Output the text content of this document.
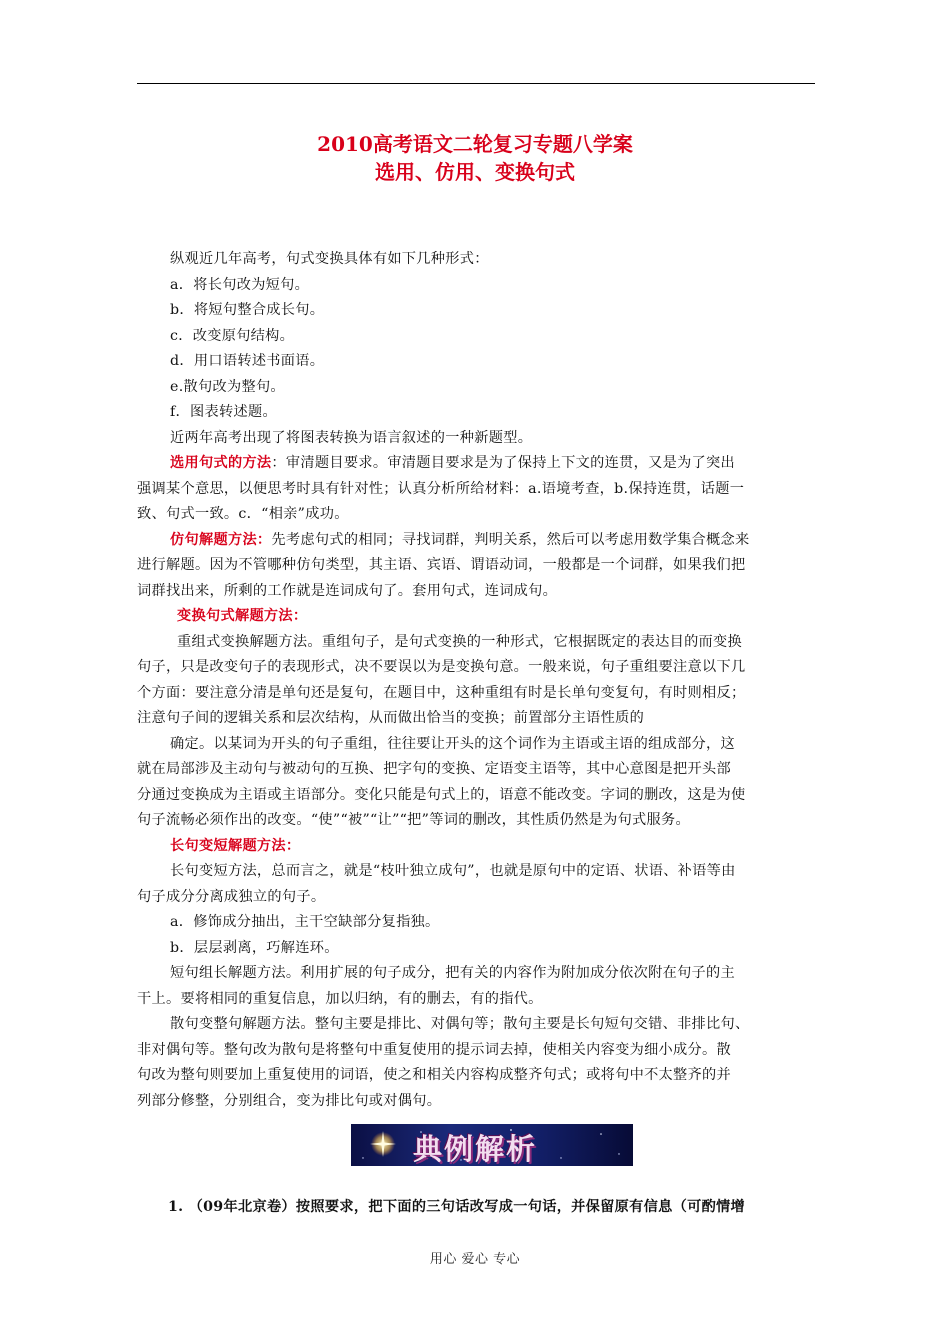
2010高考语文二轮复习专题八学案
选用、仿用、变换句式

纵观近几年高考，句式变换具体有如下几种形式：

a．将长句改为短句。

b．将短句整合成长句。

c．改变原句结构。

d．用口语转述书面语。

e.散句改为整句。

f．图表转述题。

近两年高考出现了将图表转换为语言叙述的一种新题型。

选用句式的方法：审清题目要求。审清题目要求是为了保持上下文的连贯，又是为了突出

强调某个意思，以便思考时具有针对性；认真分析所给材料：a.语境考查，b.保持连贯，话题一

致、句式一致。c．“相亲”成功。

仿句解题方法：先考虑句式的相同；寻找词群，判明关系，然后可以考虑用数学集合概念来

进行解题。因为不管哪种仿句类型，其主语、宾语、谓语动词，一般都是一个词群，如果我们把

词群找出来，所剩的工作就是连词成句了。套用句式，连词成句。

变换句式解题方法：

重组式变换解题方法。重组句子，是句式变换的一种形式，它根据既定的表达目的而变换

句子，只是改变句子的表现形式，决不要误以为是变换句意。一般来说，句子重组要注意以下几

个方面：要注意分清是单句还是复句，在题目中，这种重组有时是长单句变复句，有时则相反；

注意句子间的逻辑关系和层次结构，从而做出恰当的变换；前置部分主语性质的

确定。以某词为开头的句子重组，往往要让开头的这个词作为主语或主语的组成部分，这

就在局部涉及主动句与被动句的互换、把字句的变换、定语变主语等，其中心意图是把开头部

分通过变换成为主语或主语部分。变化只能是句式上的，语意不能改变。字词的删改，这是为使

句子流畅必须作出的改变。“使”“被”“让”“把”等词的删改，其性质仍然是为句式服务。

长句变短解题方法：

长句变短方法，总而言之，就是“枝叶独立成句”，也就是原句中的定语、状语、补语等由

句子成分分离成独立的句子。

a．修饰成分抽出，主干空缺部分复指独。

b．层层剥离，巧解连环。

短句组长解题方法。利用扩展的句子成分，把有关的内容作为附加成分依次附在句子的主

干上。要将相同的重复信息，加以归纳，有的删去，有的指代。

散句变整句解题方法。整句主要是排比、对偶句等；散句主要是长句短句交错、非排比句、

非对偶句等。整句改为散句是将整句中重复使用的提示词去掉，使相关内容变为细小成分。散

句改为整句则要加上重复使用的词语，使之和相关内容构成整齐句式；或将句中不太整齐的并

列部分修整，分别组合，变为排比句或对偶句。

典例解析
1. （09年北京卷）按照要求，把下面的三句话改写成一句话，并保留原有信息（可酌情增
用心 爱心 专心
